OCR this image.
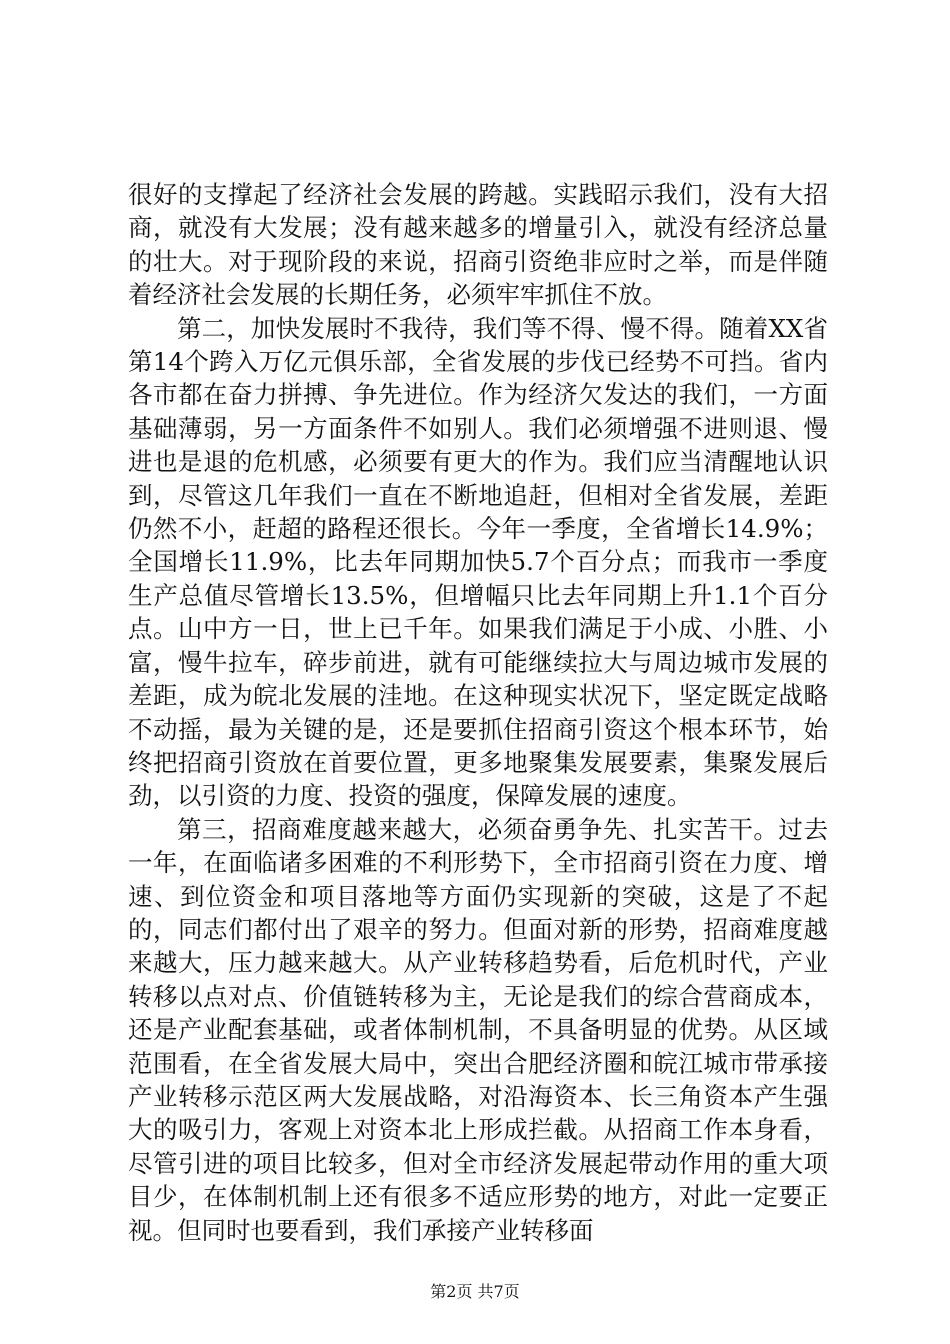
很好的支撑起了经济社会发展的跨越。实践昭示我们，没有大招商，就没有大发展；没有越来越多的增量引入，就没有经济总量的壮大。对于现阶段的来说，招商引资绝非应时之举，而是伴随着经济社会发展的长期任务，必须牢牢抓住不放。

第二，加快发展时不我待，我们等不得、慢不得。随着XX省第14个跨入万亿元俱乐部，全省发展的步伐已经势不可挡。省内各市都在奋力拼搏、争先进位。作为经济欠发达的我们，一方面基础薄弱，另一方面条件不如别人。我们必须增强不进则退、慢进也是退的危机感，必须要有更大的作为。我们应当清醒地认识到，尽管这几年我们一直在不断地追赶，但相对全省发展，差距仍然不小，赶超的路程还很长。今年一季度，全省增长14.9%；全国增长11.9%，比去年同期加快5.7个百分点；而我市一季度生产总值尽管增长13.5%，但增幅只比去年同期上升1.1个百分点。山中方一日，世上已千年。如果我们满足于小成、小胜、小富，慢牛拉车，碎步前进，就有可能继续拉大与周边城市发展的差距，成为皖北发展的洼地。在这种现实状况下，坚定既定战略不动摇，最为关键的是，还是要抓住招商引资这个根本环节，始终把招商引资放在首要位置，更多地聚集发展要素，集聚发展后劲，以引资的力度、投资的强度，保障发展的速度。

第三，招商难度越来越大，必须奋勇争先、扎实苦干。过去一年，在面临诸多困难的不利形势下，全市招商引资在力度、增速、到位资金和项目落地等方面仍实现新的突破，这是了不起的，同志们都付出了艰辛的努力。但面对新的形势，招商难度越来越大，压力越来越大。从产业转移趋势看，后危机时代，产业转移以点对点、价值链转移为主，无论是我们的综合营商成本，还是产业配套基础，或者体制机制，不具备明显的优势。从区域范围看，在全省发展大局中，突出合肥经济圈和皖江城市带承接产业转移示范区两大发展战略，对沿海资本、长三角资本产生强大的吸引力，客观上对资本北上形成拦截。从招商工作本身看，尽管引进的项目比较多，但对全市经济发展起带动作用的重大项目少，在体制机制上还有很多不适应形势的地方，对此一定要正视。但同时也要看到，我们承接产业转移面

第2页 共7页
